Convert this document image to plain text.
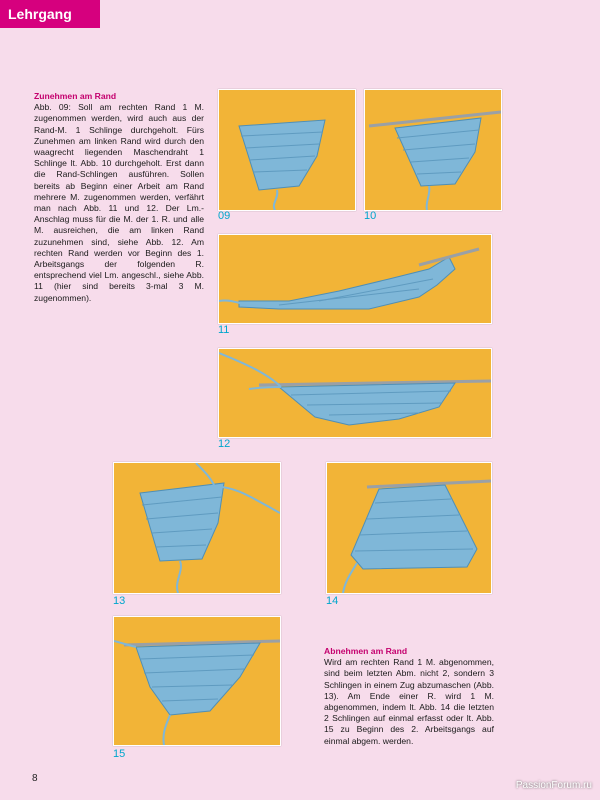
Lehrgang
Zunehmen am Rand
Abb. 09: Soll am rechten Rand 1 M. zugenommen werden, wird auch aus der Rand-M. 1 Schlinge durchgeholt. Fürs Zunehmen am linken Rand wird durch den waagrecht liegenden Maschendraht 1 Schlinge lt. Abb. 10 durchgeholt. Erst dann die Rand-Schlingen ausführen. Sollen bereits ab Beginn einer Arbeit am Rand mehrere M. zugenommen werden, verfährt man nach Abb. 11 und 12. Der Lm.-Anschlag muss für die M. der 1. R. und alle M. ausreichen, die am linken Rand zuzunehmen sind, siehe Abb. 12. Am rechten Rand werden vor Beginn des 1. Arbeitsgangs der folgenden R. entsprechend viel Lm. angeschl., siehe Abb. 11 (hier sind bereits 3-mal 3 M. zugenommen).
09	10
11
12
13	14
15
Abnehmen am Rand
Wird am rechten Rand 1 M. abgenommen, sind beim letzten Abm. nicht 2, sondern 3 Schlingen in einem Zug abzumaschen (Abb. 13). Am Ende einer R. wird 1 M. abgenommen, indem lt. Abb. 14 die letzten 2 Schlingen auf einmal erfasst oder lt. Abb. 15 zu Beginn des 2. Arbeitsgangs auf einmal abgem. werden.
8
PassionForum.ru
